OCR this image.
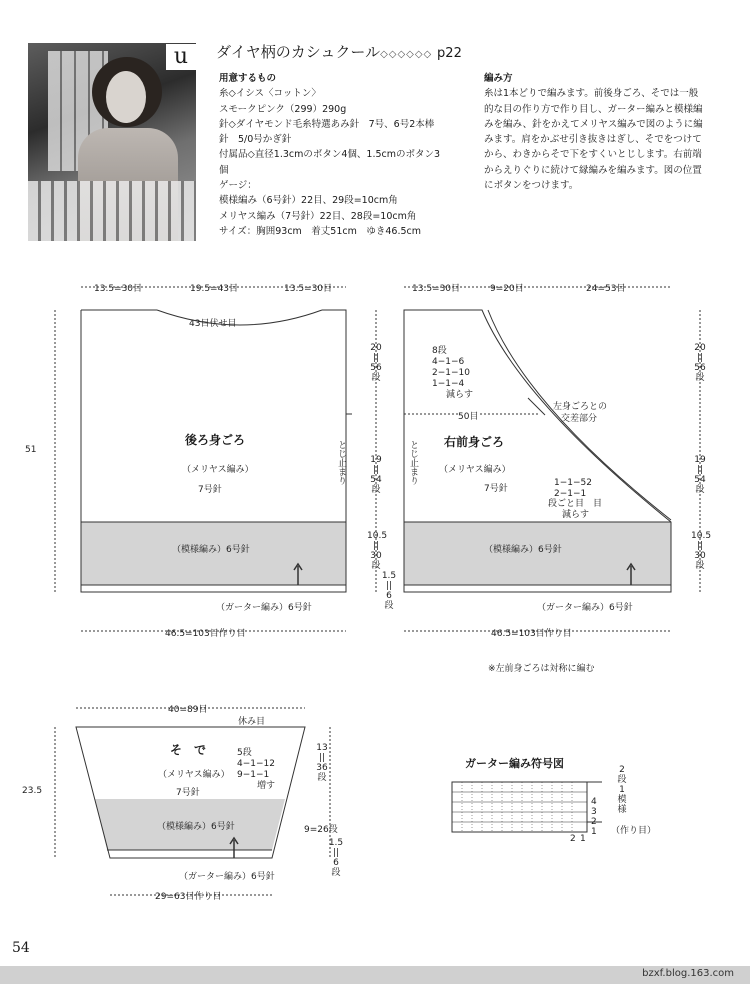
u	ダイヤ柄のカシュクール◇◇◇◇◇◇ p22
用意するもの
糸◇イシス〈コットン〉
スモークピンク（299）290g
針◇ダイヤモンド毛糸特選あみ針　7号、6号2本棒
針　5/0号かぎ針
付属品◇直径1.3cmのボタン4個、1.5cmのボタン3
個
ゲージ：
模様編み（6号針）22目、29段=10cm角
メリヤス編み（7号針）22目、28段=10cm角
サイズ：胸囲93cm　着丈51cm　ゆき46.5cm
編み方
糸は1本どりで編みます。前後身ごろ、そでは一般
的な目の作り方で作り目し、ガーター編みと模様編
みを編み、針をかえてメリヤス編みで図のように編
みます。肩をかぶせ引き抜きはぎし、そでをつけて
から、わきからそで下をすくいとじします。右前端
からえりぐりに続けて縁編みを編みます。図の位置
にボタンをつけます。
13.5=30目	19.5=43目	13.5=30目
43目伏せ目
51
後ろ身ごろ
（メリヤス編み）
7号針
（模様編み）6号針
（ガーター編み）6号針
46.5=103目作り目
とじ止まり
20
||
56
段
19
||
54
段
10.5
||
30
段
1.5
||
6
段
13.5=30目	9=20目	24=53目
8段
4−1−6
2−1−10
1−1−4
減らす
左身ごろとの
交差部分
50目
右前身ごろ
（メリヤス編み）
7号針
1−1−52
2−1−1
段ごと目　目
減らす
（模様編み）6号針
（ガーター編み）6号針
46.5=103目作り目
とじ止まり
※左前身ごろは対称に編む
20
||
56
段
19
||
54
段
10.5
||
30
段
40=89目
休み目
23.5
そ　で
（メリヤス編み）
7号針
5段
4−1−12
9−1−1
増す
（模様編み）6号針
（ガーター編み）6号針
29=63目作り目
13
||
36
段
9=26段
1.5
||
6
段
ガーター編み符号図	2
段
1
模
様
4
3
2
1 （作り目）
2 1
54
bzxf.blog.163.com
